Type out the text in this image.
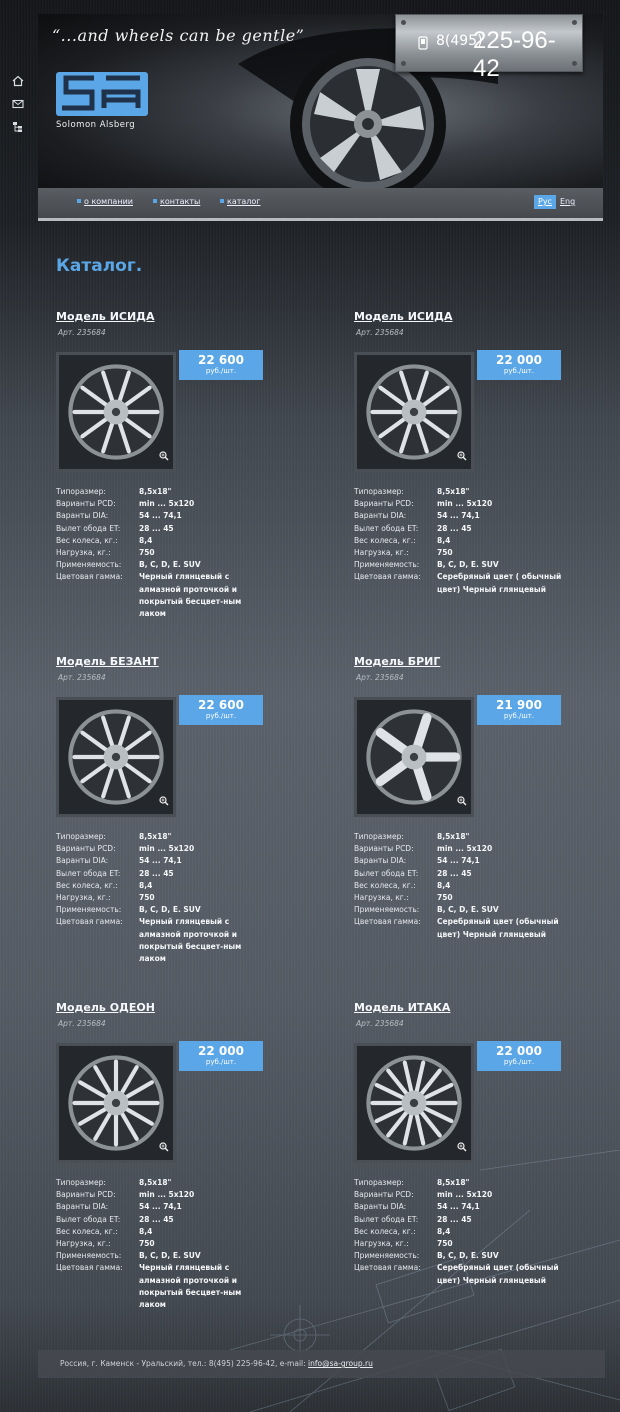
“...and wheels can be gentle”
Solomon Alsberg
8(495)
225-96-42
о компании	контакты	каталог	Рус	Eng
Каталог.
Модель ИСИДА
Арт. 235684
22 600
руб./шт.
Типоразмер:	8,5x18"
Варианты PCD:	min ... 5x120
Варанты DIA:	54 ... 74,1
Вылет обода ET:	28 ... 45
Вес колеса, кг.:	8,4
Нагрузка, кг.:	750
Применяемость:	B, C, D, E. SUV
Цветовая гамма:	Черный глянцевый с алмазной проточкой и покрытый бесцвет-ным лаком
Модель ИСИДА
Арт. 235684
22 000
руб./шт.
Типоразмер:	8,5x18"
Варианты PCD:	min ... 5x120
Варанты DIA:	54 ... 74,1
Вылет обода ET:	28 ... 45
Вес колеса, кг.:	8,4
Нагрузка, кг.:	750
Применяемость:	B, C, D, E. SUV
Цветовая гамма:	Серебряный цвет ( обычный цвет) Черный глянцевый
Модель БЕЗАНТ
Арт. 235684
22 600
руб./шт.
Типоразмер:	8,5x18"
Варианты PCD:	min ... 5x120
Варанты DIA:	54 ... 74,1
Вылет обода ET:	28 ... 45
Вес колеса, кг.:	8,4
Нагрузка, кг.:	750
Применяемость:	B, C, D, E. SUV
Цветовая гамма:	Черный глянцевый с алмазной проточкой и покрытый бесцвет-ным лаком
Модель БРИГ
Арт. 235684
21 900
руб./шт.
Типоразмер:	8,5x18"
Варианты PCD:	min ... 5x120
Варанты DIA:	54 ... 74,1
Вылет обода ET:	28 ... 45
Вес колеса, кг.:	8,4
Нагрузка, кг.:	750
Применяемость:	B, C, D, E. SUV
Цветовая гамма:	Серебряный цвет (обычный цвет) Черный глянцевый
Модель ОДЕОН
Арт. 235684
22 000
руб./шт.
Типоразмер:	8,5x18"
Варианты PCD:	min ... 5x120
Варанты DIA:	54 ... 74,1
Вылет обода ET:	28 ... 45
Вес колеса, кг.:	8,4
Нагрузка, кг.:	750
Применяемость:	B, C, D, E. SUV
Цветовая гамма:	Черный глянцевый с алмазной проточкой и покрытый бесцвет-ным лаком
Модель ИТАКА
Арт. 235684
22 000
руб./шт.
Типоразмер:	8,5x18"
Варианты PCD:	min ... 5x120
Варанты DIA:	54 ... 74,1
Вылет обода ET:	28 ... 45
Вес колеса, кг.:	8,4
Нагрузка, кг.:	750
Применяемость:	B, C, D, E. SUV
Цветовая гамма:	Серебряный цвет (обычный цвет) Черный глянцевый
Россия, г. Каменск - Уральский, тел.: 8(495) 225-96-42, e-mail: info@sa-group.ru
